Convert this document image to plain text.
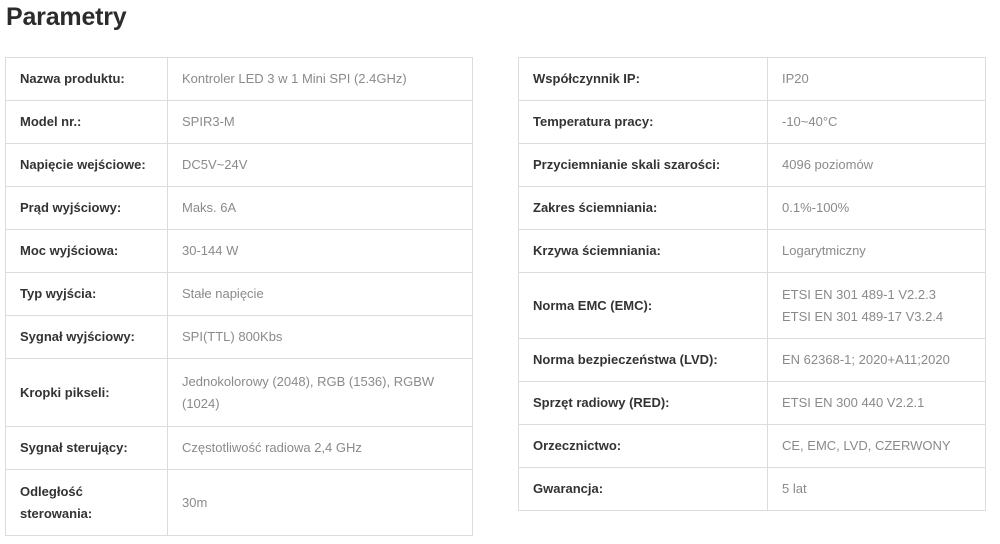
Parametry
Nazwa produktu:	Kontroler LED 3 w 1 Mini SPI (2.4GHz)
Model nr.:	SPIR3-M
Napięcie wejściowe:	DC5V~24V
Prąd wyjściowy:	Maks. 6A
Moc wyjściowa:	30-144 W
Typ wyjścia:	Stałe napięcie
Sygnał wyjściowy:	SPI(TTL) 800Kbs
Kropki pikseli:	Jednokolorowy (2048), RGB (1536), RGBW (1024)
Sygnał sterujący:	Częstotliwość radiowa 2,4 GHz
Odległość sterowania:	30m
Współczynnik IP:	IP20
Temperatura pracy:	-10~40°C
Przyciemnianie skali szarości:	4096 poziomów
Zakres ściemniania:	0.1%-100%
Krzywa ściemniania:	Logarytmiczny
Norma EMC (EMC):	ETSI EN 301 489-1 V2.2.3
ETSI EN 301 489-17 V3.2.4

Norma bezpieczeństwa (LVD):	EN 62368-1; 2020+A11;2020
Sprzęt radiowy (RED):	ETSI EN 300 440 V2.2.1
Orzecznictwo:	CE, EMC, LVD, CZERWONY
Gwarancja:	5 lat
